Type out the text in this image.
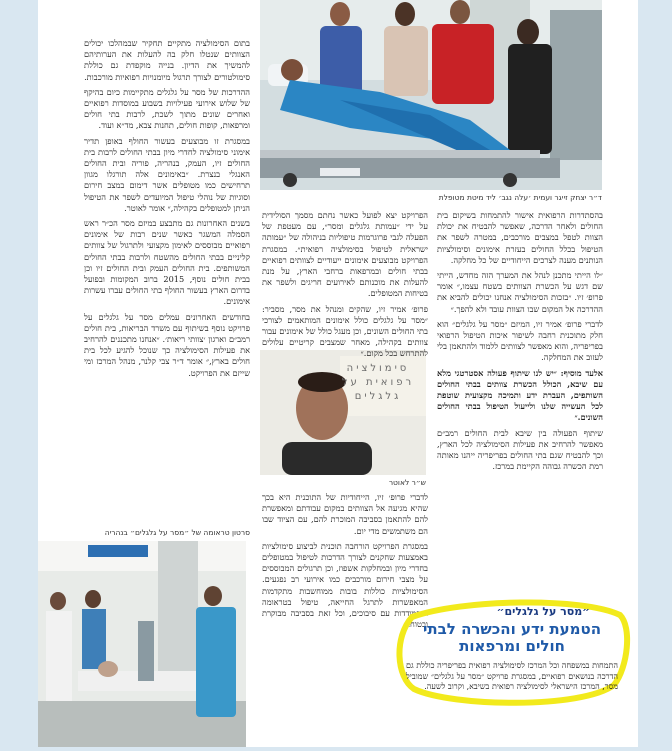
ד״ר יצחק זייגר ועמית ׳עלה נגב׳ ליד מיטת מטופלת
סימולציה רפואית על גלגלים
ש״ר לאוטר

בתום הסימולציה מתקיים תחקיר שבמהלכו יכולים הצוותים שנטלו חלק בה להעלות את הערותיהם להמשיך את הדיון. בנייה מוקפדת גם כוללת סימולטורים לצורך תרגול מיומנויות רפואיות מורכבות.

ההדרכות של מסר על גלגלים מתקיימות כיום בהיקף של שלוש אירועי פעילויות בשבוע במוסדות רפואיים ואחרים שונים מתוך לשכת, לרבות בתי חולים ומרפאות, קופות חולים, תחנות צבא, מד״א ועוד.

במסגרת זו מבוצעים בעשור החולף באופן תדיר אימוני סימולציה לחדרי מיון בבתי החולים לרבות בית החולים זיו, העמק, בנהריה, פוריה ובית החולים האנגלי בנצרת. ״באימונים אלה תורגלו מגוון תרחישים כמו מטופלים אשר דימום במצב חירום וסוגיות של נוהלי טיפול המיועדים לשפר את הטיפול הניתן למטופלים בקהילה,״ אומר לאוטר.

בשנים האחרונות גם מתבצע במיזם מסר הכ״ר ראש הסמלה המשגר כאשר שנים רבות של אימונים רפואיים מבוססים לאימון מקצועי ולתרגול של צוותים קליניים בבתי החולים מהשטח ולרבות בבתי החולים המשותפים. בית החולים העמק ובית החולים זיו וכן בבית חולים נוסף, 2015 ברוב המקומות ובפועל בדרום הארץ בעשור החולף בתי החולים עברו עשרות אימונים.

בחודשים האחרונים עמלים מסר על גלגלים על פרויקט נוסף בשיתוף עם משרד הבריאות, בית חולים רמב״ם וארגון ׳צוותי ריאות׳. ״אנחנו מתכננים להרחיב את פעילות הסימולציה כך שנוכל להגיע לכל בית חולים בארץ,״ אומר ד״ר צבי קלנר, מנהל המרכז ומי שייזם את הפרויקט.

סרטון טראומה של ״מסר על גלגלים״ בנהריה

הפרויקט יצא לפועל כאשר נחתם מסמך הסולידית על ידי ״עמותת גלגלים ומסר״, עם מעטפת של הפעלה לגבי פרוגרמות טיפוליות בניהולה של ״עמותה ישראלית לטיפול בסימולציה רפואית״. במסגרת הפרויקט מבוצעים אימונים ייעודיים לצוותים רפואיים בבתי חולים ובמרפאות ברחבי הארץ, על מנת להעלות את מוכנותם לאירועים חריגים ולשפר את בטיחות המטופלים.

פרופ׳ אמיר זיו, שהקים ומנהל את מסר, מסביר: ״מסר על גלגלים כולל אימונים המותאמים לצורכי בתי החולים השונים, וכן מעגל כולל של אימונים עבור צוותים בקהילה, מאחר שמצבים קריטיים עלולים להתרחש בכל מקום.״

לדברי פרופ׳ זיו, הייחודיות של התוכנית היא בכך שהיא מגיעה אל הצוותים במקום עבודתם ומאפשרת להם להתאמן בסביבה המוכרת להם, עם הציוד שבו הם משתמשים מדי יום.

במסגרת הפרויקט הורחבה תוכנית לביצוע סימולציות באמצעות שחקנים לצורך הדרכות לטיפול במטופלים בחדרי מיון ובמחלקות אשפוז, וכן תרגולים המבוססים על מצבי חירום מורכבים כמו אירועי רב נפגעים. הסימולציות כוללות בובות ממוחשבות מתקדמות המאפשרות לתרגל החייאה, טיפול בטראומה והתמודדות עם סיבוכים, וכל זאת בסביבה מבוקרת ובטוחה.

בהסתדרות הרפואית אישור להתמחות בשיקום בית החולים ולאחר הדרכה, שאפשר להבטיח את יכולת הצוות לטפל במצבים מורכבים, במטרה לשפר את הטיפול בכלל החולים בעזרת אימונים וסימולציות הנותנים מענה לצרכים הייחודיים של כל מחלקה.

״לו הייתי מתכנן לנהל את המערך הזה מחדש, הייתי שם דגש על הכשרת הצוותים בשטח עצמו,״ אומר פרופ׳ זיו. ״בזכות הסימולציה אנחנו יכולים להביא את ההדרכה אל המקום שבו הצוות עובד ולא להפך.״

לדברי פרופ׳ אמיר זיו, המיזם ״מסר על גלגלים״ הוא חלק מתוכנית רחבה לשיפור איכות הטיפול הרפואי בפריפריה, והוא מאפשר לצוותים ללמוד ולהתאמן בלי לעזוב את המחלקה.

אלעד מוסיף: ״יש לנו שיתוף פעולה אסטרטגי מלא עם שיבא, הכולל הכשרת צוותים בבתי החולים השותפים, העברת ידע ותמיכה מקצועית שוטפת לכל העשייה שלנו ולייעול הטיפול בבתי החולים השונים.״

שיתוף הפעולה בין שיבא לבית החולים רמב״ם מאפשר להרחיב את פעילות הסימולציה לכל הארץ, וכך להבטיח שגם בתי החולים בפריפריה ייהנו מאותה רמת הכשרה גבוהה הקיימת במרכז.

״מסר על גלגלים״
הטמעת ידע והכשרה לבתי חולים ומרפאות
התמחות במשפחה וכל המרכז לסימולציה רפואית בפריפריה כוללת גם הדרכה בנושאים רפואיים, במסגרת פרויקט ״מסר על גלגלים״ שמוביל מסר, המרכז הישראלי לסימולציה רפואית בשיבא, וקרוב לשעה.
